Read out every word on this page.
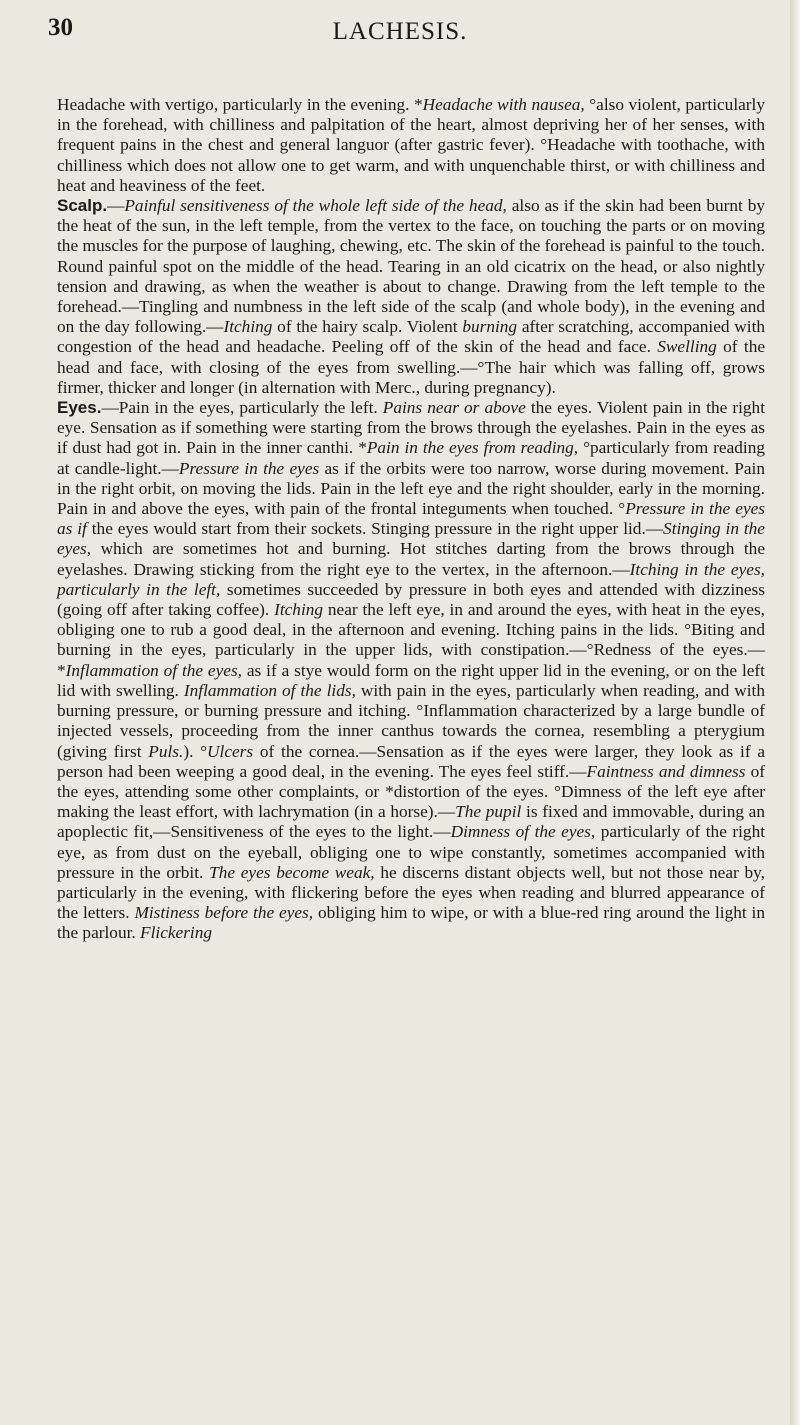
30	LACHESIS.

Headache with vertigo, particularly in the evening. *Headache with nausea, °also violent, particularly in the forehead, with chilliness and palpitation of the heart, almost depriving her of her senses, with frequent pains in the chest and general languor (after gastric fever). °Headache with toothache, with chilliness which does not allow one to get warm, and with unquenchable thirst, or with chilliness and heat and heaviness of the feet.

Scalp.—Painful sensitiveness of the whole left side of the head, also as if the skin had been burnt by the heat of the sun, in the left temple, from the vertex to the face, on touching the parts or on moving the muscles for the purpose of laughing, chewing, etc. The skin of the forehead is painful to the touch. Round painful spot on the middle of the head. Tearing in an old cicatrix on the head, or also nightly tension and drawing, as when the weather is about to change. Drawing from the left temple to the forehead.—Tingling and numbness in the left side of the scalp (and whole body), in the evening and on the day following.—Itching of the hairy scalp. Violent burning after scratching, accompanied with congestion of the head and headache. Peeling off of the skin of the head and face. Swelling of the head and face, with closing of the eyes from swelling.—°The hair which was falling off, grows firmer, thicker and longer (in alternation with Merc., during pregnancy).

Eyes.—Pain in the eyes, particularly the left. Pains near or above the eyes. Violent pain in the right eye. Sensation as if something were starting from the brows through the eyelashes. Pain in the eyes as if dust had got in. Pain in the inner canthi. *Pain in the eyes from reading, °particularly from reading at candle-light.—Pressure in the eyes as if the orbits were too narrow, worse during movement. Pain in the right orbit, on moving the lids. Pain in the left eye and the right shoulder, early in the morning. Pain in and above the eyes, with pain of the frontal integuments when touched. °Pressure in the eyes as if the eyes would start from their sockets. Stinging pressure in the right upper lid.—Stinging in the eyes, which are sometimes hot and burning. Hot stitches darting from the brows through the eyelashes. Drawing sticking from the right eye to the vertex, in the afternoon.—Itching in the eyes, particularly in the left, sometimes succeeded by pressure in both eyes and attended with dizziness (going off after taking coffee). Itching near the left eye, in and around the eyes, with heat in the eyes, obliging one to rub a good deal, in the afternoon and evening. Itching pains in the lids. °Biting and burning in the eyes, particularly in the upper lids, with constipation.—°Redness of the eyes.—*Inflammation of the eyes, as if a stye would form on the right upper lid in the evening, or on the left lid with swelling. Inflammation of the lids, with pain in the eyes, particularly when reading, and with burning pressure, or burning pressure and itching. °Inflammation characterized by a large bundle of injected vessels, proceeding from the inner canthus towards the cornea, resembling a pterygium (giving first Puls.). °Ulcers of the cornea.—Sensation as if the eyes were larger, they look as if a person had been weeping a good deal, in the evening. The eyes feel stiff.—Faintness and dimness of the eyes, attending some other complaints, or *distortion of the eyes. °Dimness of the left eye after making the least effort, with lachrymation (in a horse).—The pupil is fixed and immovable, during an apoplectic fit,—Sensitiveness of the eyes to the light.—Dimness of the eyes, particularly of the right eye, as from dust on the eyeball, obliging one to wipe constantly, sometimes accompanied with pressure in the orbit. The eyes become weak, he discerns distant objects well, but not those near by, particularly in the evening, with flickering before the eyes when reading and blurred appearance of the letters. Mistiness before the eyes, obliging him to wipe, or with a blue-red ring around the light in the parlour. Flickering
